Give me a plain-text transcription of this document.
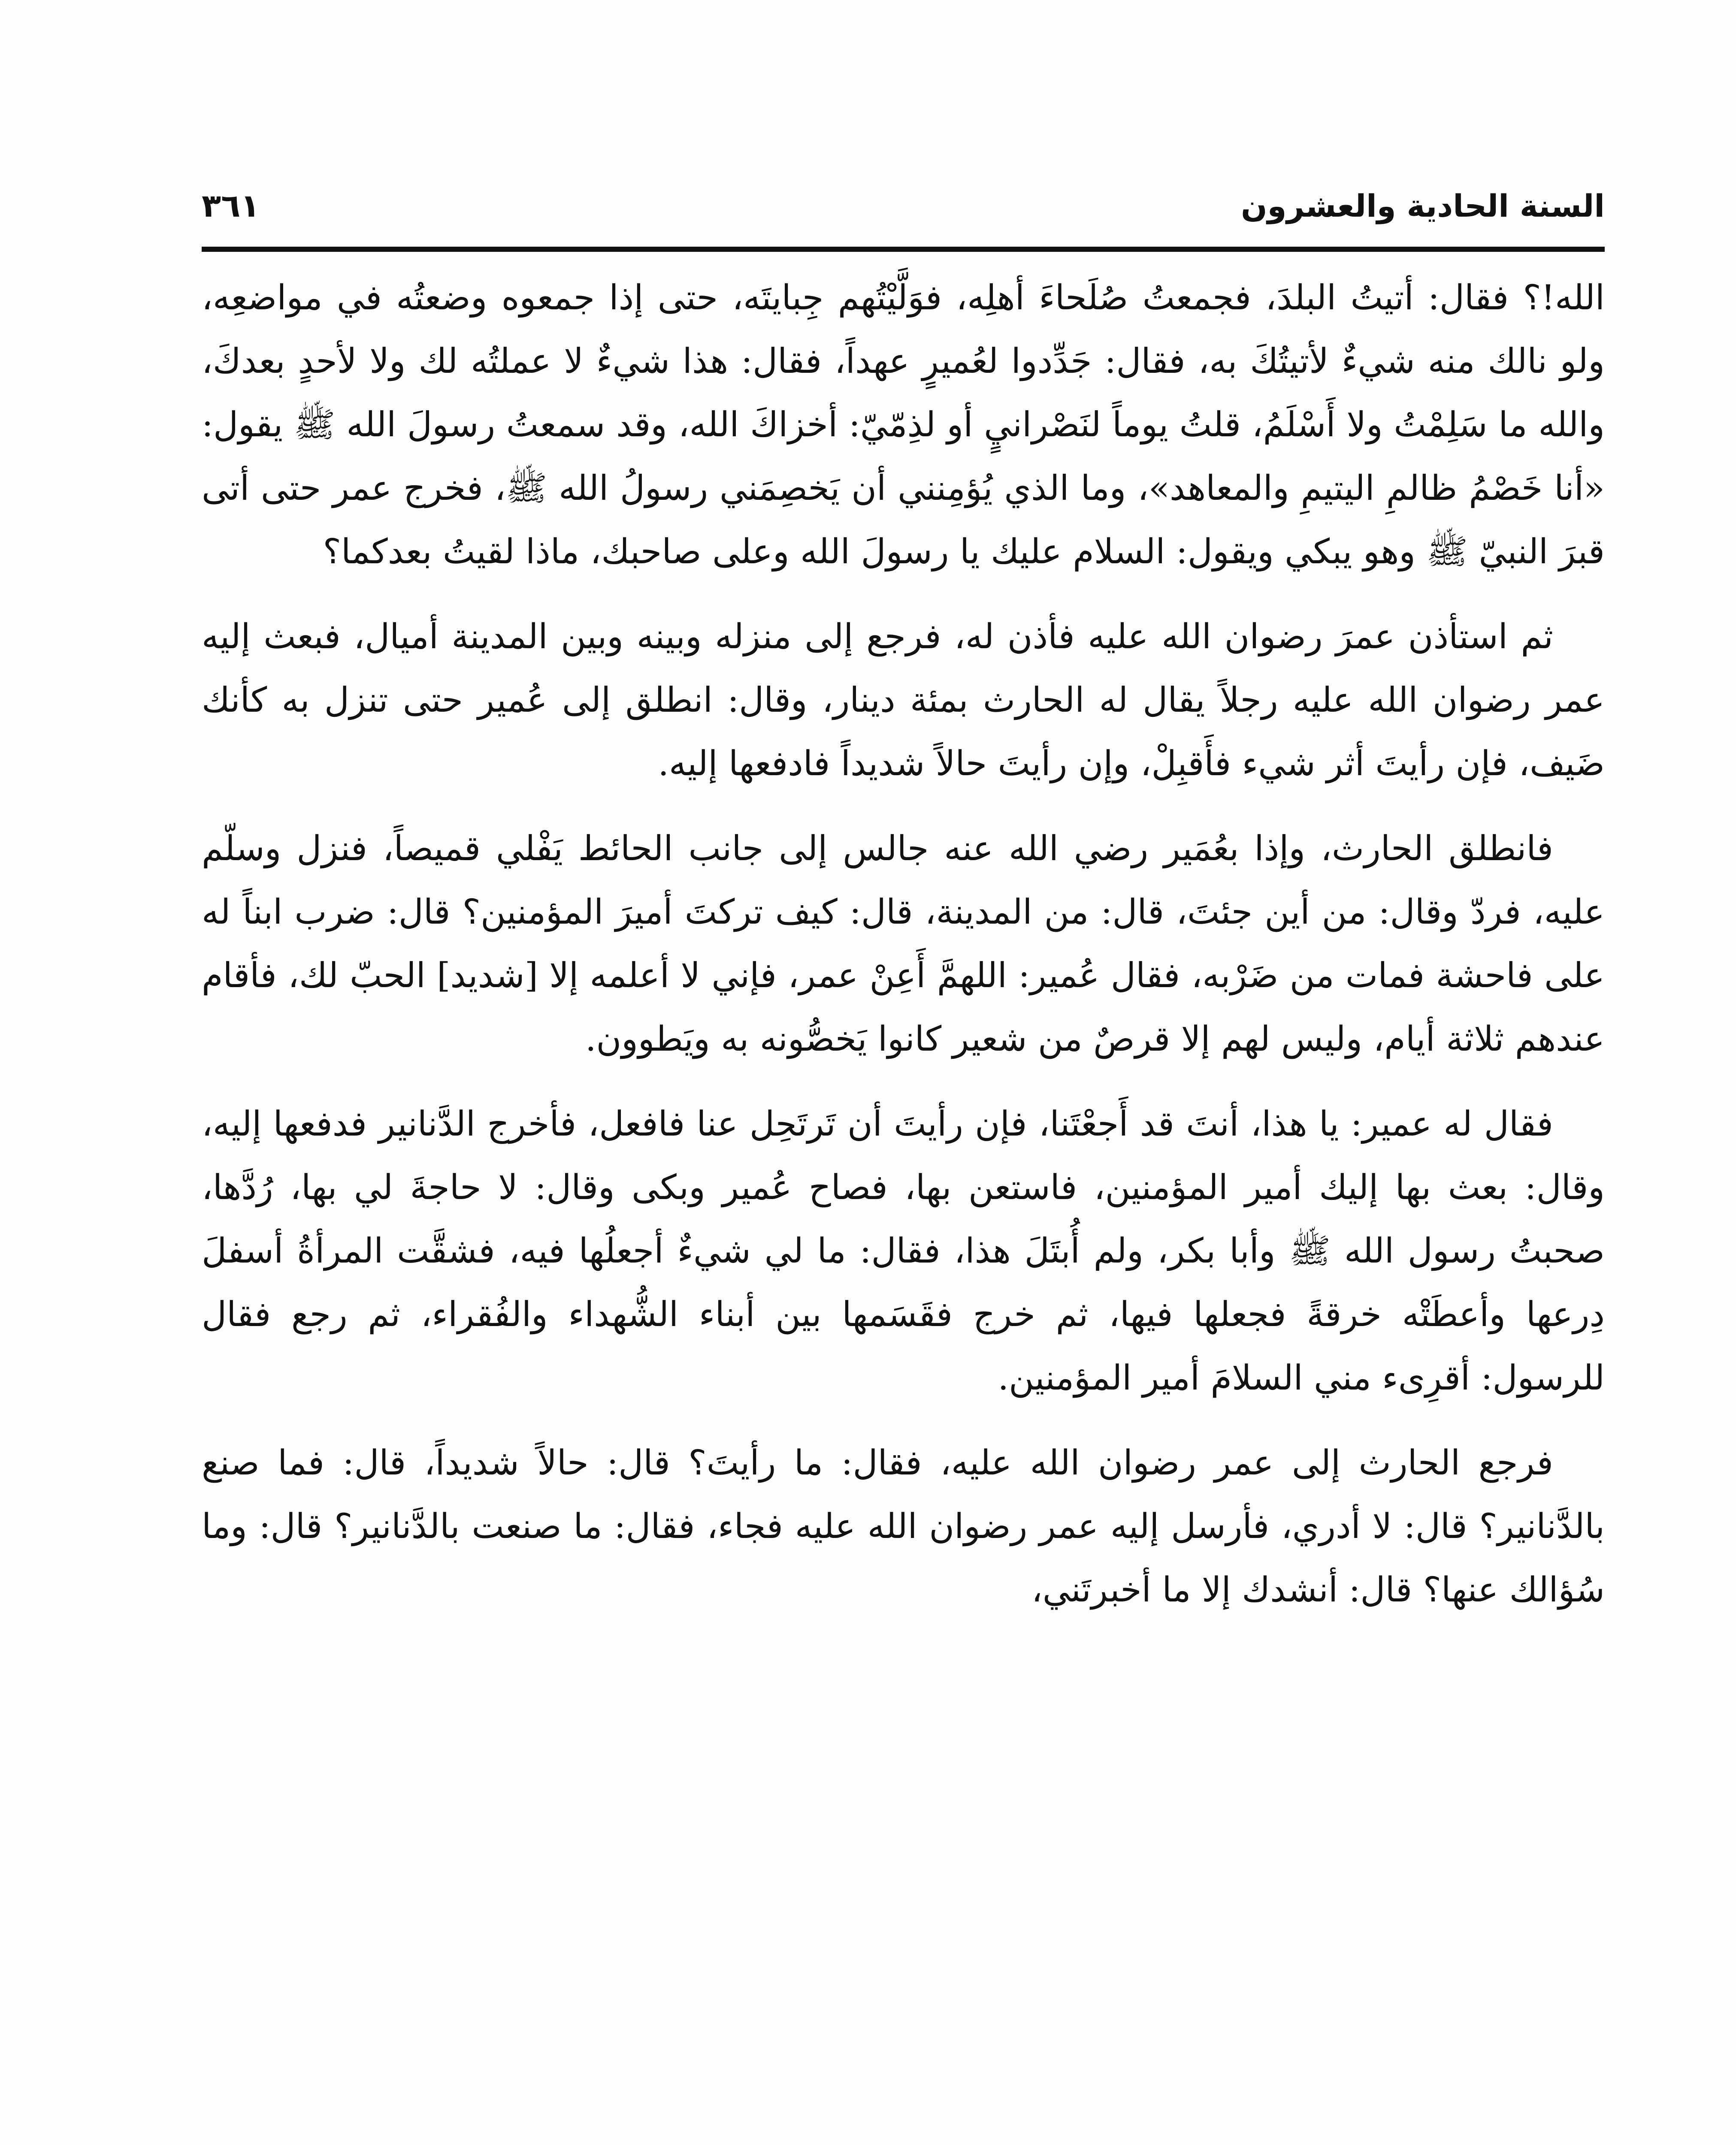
السنة الحادية والعشرون
٣٦١

الله!؟ فقال: أتيتُ البلدَ، فجمعتُ صُلَحاءَ أهلِه، فوَلَّيْتُهم جِبايتَه، حتى إذا جمعوه وضعتُه في مواضعِه، ولو نالك منه شيءٌ لأتيتُكَ به، فقال: جَدِّدوا لعُميرٍ عهداً، فقال: هذا شيءٌ لا عملتُه لك ولا لأحدٍ بعدكَ، والله ما سَلِمْتُ ولا أَسْلَمُ، قلتُ يوماً لنَصْرانيٍ أو لذِمّيّ: أخزاكَ الله، وقد سمعتُ رسولَ الله ﷺ يقول: «أنا خَصْمُ ظالمِ اليتيمِ والمعاهد»، وما الذي يُؤمِنني أن يَخصِمَني رسولُ الله ﷺ، فخرج عمر حتى أتى قبرَ النبيّ ﷺ وهو يبكي ويقول: السلام عليك يا رسولَ الله وعلى صاحبك، ماذا لقيتُ بعدكما؟

ثم استأذن عمرَ رضوان الله عليه فأذن له، فرجع إلى منزله وبينه وبين المدينة أميال، فبعث إليه عمر رضوان الله عليه رجلاً يقال له الحارث بمئة دينار، وقال: انطلق إلى عُمير حتى تنزل به كأنك ضَيف، فإن رأيتَ أثر شيء فأَقبِلْ، وإن رأيتَ حالاً شديداً فادفعها إليه.

فانطلق الحارث، وإذا بعُمَير رضي الله عنه جالس إلى جانب الحائط يَفْلي قميصاً، فنزل وسلّم عليه، فردّ وقال: من أين جئتَ، قال: من المدينة، قال: كيف تركتَ أميرَ المؤمنين؟ قال: ضرب ابناً له على فاحشة فمات من ضَرْبه، فقال عُمير: اللهمَّ أَعِنْ عمر، فإني لا أعلمه إلا [شديد] الحبّ لك، فأقام عندهم ثلاثة أيام، وليس لهم إلا قرصٌ من شعير كانوا يَخصُّونه به ويَطوون.

فقال له عمير: يا هذا، أنتَ قد أَجعْتَنا، فإن رأيتَ أن تَرتَحِل عنا فافعل، فأخرج الدَّنانير فدفعها إليه، وقال: بعث بها إليك أمير المؤمنين، فاستعن بها، فصاح عُمير وبكى وقال: لا حاجةَ لي بها، رُدَّها، صحبتُ رسول الله ﷺ وأبا بكر، ولم أُبتَلَ هذا، فقال: ما لي شيءٌ أجعلُها فيه، فشقَّت المرأةُ أسفلَ دِرعها وأعطَتْه خرقةً فجعلها فيها، ثم خرج فقَسَمها بين أبناء الشُّهداء والفُقراء، ثم رجع فقال للرسول: أقرِىء مني السلامَ أمير المؤمنين.

فرجع الحارث إلى عمر رضوان الله عليه، فقال: ما رأيتَ؟ قال: حالاً شديداً، قال: فما صنع بالدَّنانير؟ قال: لا أدري، فأرسل إليه عمر رضوان الله عليه فجاء، فقال: ما صنعت بالدَّنانير؟ قال: وما سُؤالك عنها؟ قال: أنشدك إلا ما أخبرتَني،
